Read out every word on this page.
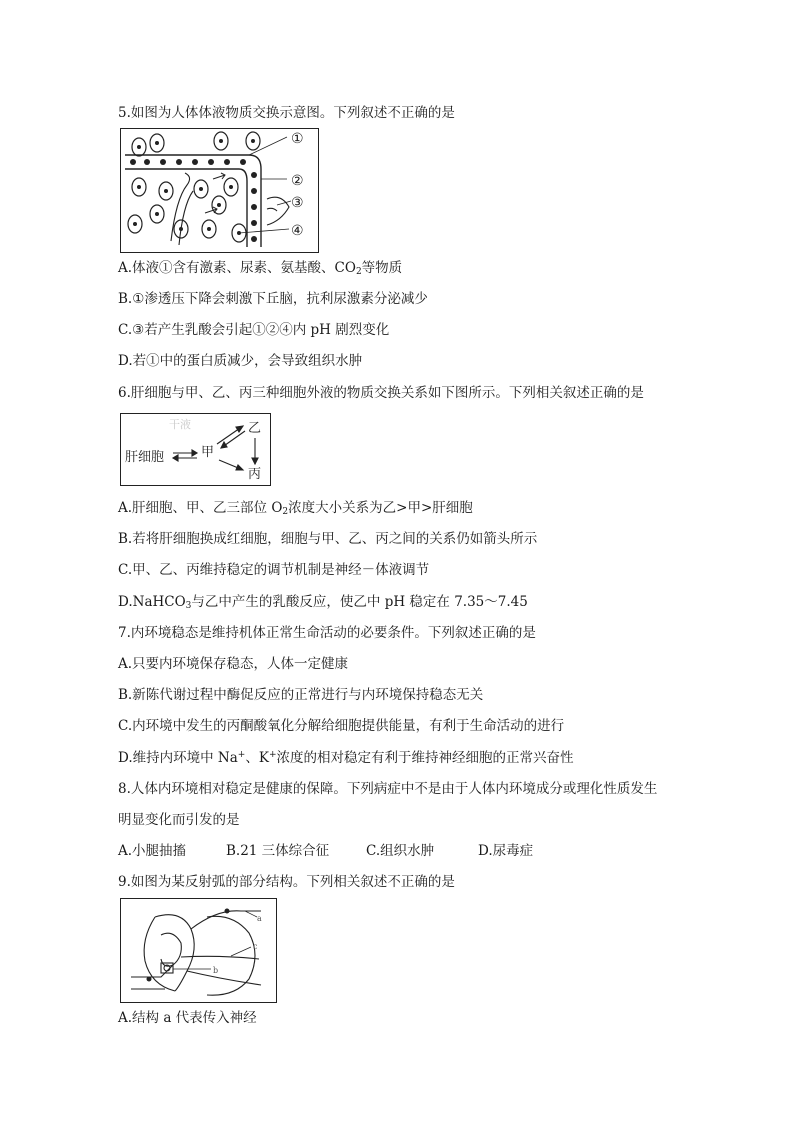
5.如图为人体体液物质交换示意图。下列叙述不正确的是
①
②
③
④
A.体液①含有激素、尿素、氨基酸、$CO_2$等物质
B.①渗透压下降会刺激下丘脑，抗利尿激素分泌减少
C.③若产生乳酸会引起①②④内 pH 剧烈变化
D.若①中的蛋白质减少，会导致组织水肿
6.肝细胞与甲、乙、丙三种细胞外液的物质交换关系如下图所示。下列相关叙述正确的是
干液
肝细胞	甲
乙
丙
A.肝细胞、甲、乙三部位 $O_2$浓度大小关系为乙>甲>肝细胞
B.若将肝细胞换成红细胞，细胞与甲、乙、丙之间的关系仍如箭头所示
C.甲、乙、丙维持稳定的调节机制是神经－体液调节
D.NaHCO$_3$与乙中产生的乳酸反应，使乙中 pH 稳定在 7.35～7.45
7.内环境稳态是维持机体正常生命活动的必要条件。下列叙述正确的是
A.只要内环境保存稳态，人体一定健康
B.新陈代谢过程中酶促反应的正常进行与内环境保持稳态无关
C.内环境中发生的丙酮酸氧化分解给细胞提供能量，有利于生命活动的进行
D.维持内环境中 Na+、K+浓度的相对稳定有利于维持神经细胞的正常兴奋性
8.人体内环境相对稳定是健康的保障。下列病症中不是由于人体内环境成分或理化性质发生
明显变化而引发的是
A.小腿抽搐	B.21 三体综合征	C.组织水肿	D.尿毒症
9.如图为某反射弧的部分结构。下列相关叙述不正确的是
a
b
c
A.结构 a 代表传入神经
